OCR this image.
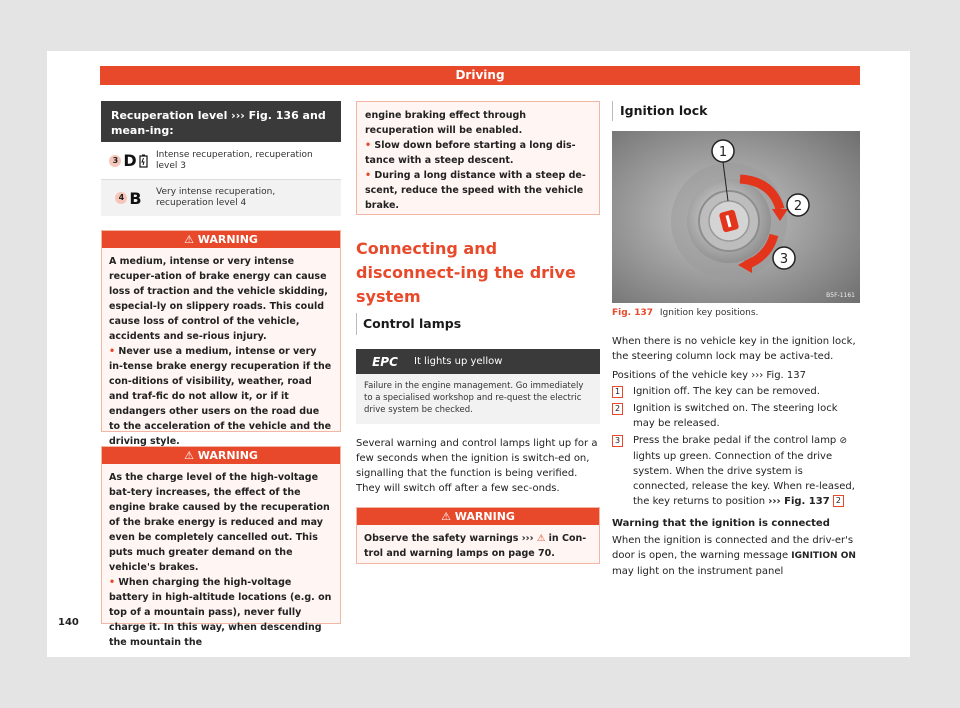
Driving
Recuperation level ››› Fig. 136 and mean-ing:
3 D Intense recuperation, recuperation level 3
4 B Very intense recuperation, recuperation level 4
⚠ WARNING

A medium, intense or very intense recuper-ation of brake energy can cause loss of traction and the vehicle skidding, especial-ly on slippery roads. This could cause loss of control of the vehicle, accidents and se-rious injury.

• Never use a medium, intense or very in-tense brake energy recuperation if the con-ditions of visibility, weather, road and traf-fic do not allow it, or if it endangers other users on the road due to the acceleration of the vehicle and the driving style.

⚠ WARNING

As the charge level of the high-voltage bat-tery increases, the effect of the engine brake caused by the recuperation of the brake energy is reduced and may even be completely cancelled out. This puts much greater demand on the vehicle's brakes.

• When charging the high-voltage battery in high-altitude locations (e.g. on top of a mountain pass), never fully charge it. In this way, when descending the mountain the

140

engine braking effect through recuperation will be enabled.

• Slow down before starting a long dis-tance with a steep descent.

• During a long distance with a steep de-scent, reduce the speed with the vehicle brake.

Connecting and disconnect-ing the drive system
Control lamps
EPC	It lights up yellow
Failure in the engine management. Go immediately to a specialised workshop and re-quest the electric drive system be checked.
Several warning and control lamps light up for a few seconds when the ignition is switch-ed on, signalling that the function is being verified. They will switch off after a few sec-onds.
⚠ WARNING
Observe the safety warnings ››› ⚠ in Con-trol and warning lamps on page 70.
Ignition lock
1
2
3
B5F-1161
Fig. 137 Ignition key positions.
When there is no vehicle key in the ignition lock, the steering column lock may be activa-ted.
Positions of the vehicle key ››› Fig. 137
1 Ignition off. The key can be removed.
2 Ignition is switched on. The steering lock may be released.
3 Press the brake pedal if the control lamp ⊘ lights up green. Connection of the drive system. When the drive system is connected, release the key. When re-leased, the key returns to position ››› Fig. 137 2
Warning that the ignition is connected
When the ignition is connected and the driv-er's door is open, the warning message IGNITION ON may light on the instrument panel
